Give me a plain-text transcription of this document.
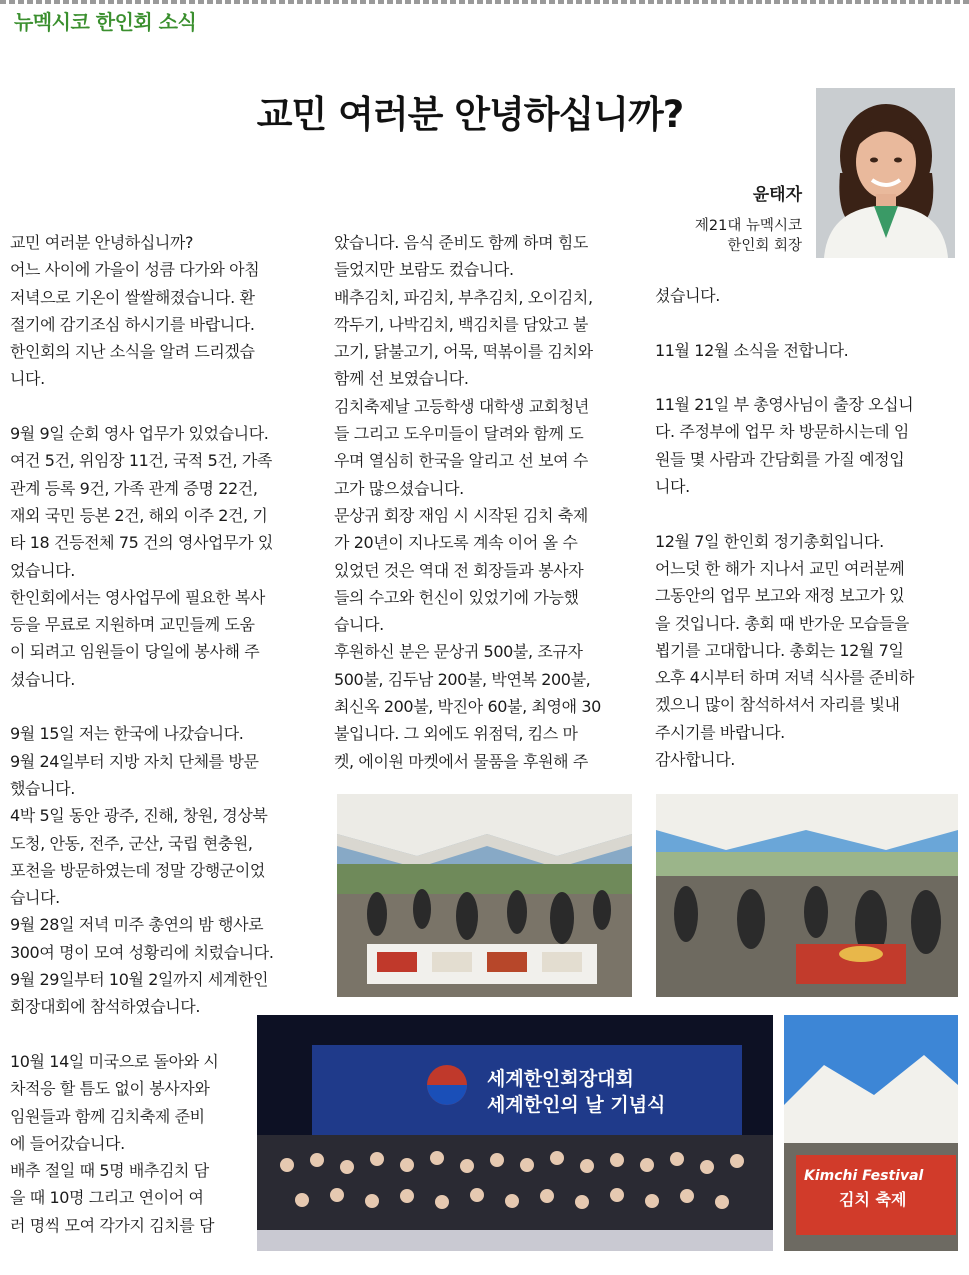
뉴멕시코 한인회 소식
교민 여러분 안녕하십니까?
윤태자
제21대 뉴멕시코
한인회 회장
교민 여러분 안녕하십니까?
어느 사이에 가을이 성큼 다가와 아침
저녁으로 기온이 쌀쌀해졌습니다. 환
절기에 감기조심 하시기를 바랍니다.
한인회의 지난 소식을 알려 드리겠습
니다.

9월 9일 순회 영사 업무가 있었습니다.
여건 5건, 위임장 11건, 국적 5건, 가족
관계 등록 9건, 가족 관계 증명 22건,
재외 국민 등본 2건, 해외 이주 2건, 기
타 18 건등전체 75 건의 영사업무가 있
었습니다.
한인회에서는 영사업무에 필요한 복사
등을 무료로 지원하며 교민들께 도움
이 되려고 임원들이 당일에 봉사해 주
셨습니다.

9월 15일 저는 한국에 나갔습니다.
9월 24일부터 지방 자치 단체를 방문
했습니다.
4박 5일 동안 광주, 진해, 창원, 경상북
도청, 안동, 전주, 군산, 국립 현충원,
포천을 방문하였는데 정말 강행군이었
습니다.
9월 28일 저녁 미주 총연의 밤 행사로
300여 명이 모여 성황리에 치렀습니다.
9월 29일부터 10월 2일까지 세계한인
회장대회에 참석하였습니다.

10월 14일 미국으로 돌아와 시
차적응 할 틈도 없이 봉사자와
임원들과 함께 김치축제 준비
에 들어갔습니다.
배추 절일 때 5명 배추김치 담
을 때 10명 그리고 연이어 여
러 명씩 모여 각가지 김치를 담
았습니다. 음식 준비도 함께 하며 힘도
들었지만 보람도 컸습니다.
배추김치, 파김치, 부추김치, 오이김치,
깍두기, 나박김치, 백김치를 담았고 불
고기, 닭불고기, 어묵, 떡볶이를 김치와
함께 선 보였습니다.
김치축제날 고등학생 대학생 교회청년
들 그리고 도우미들이 달려와 함께 도
우며 열심히 한국을 알리고 선 보여 수
고가 많으셨습니다.
문상귀 회장 재임 시 시작된 김치 축제
가 20년이 지나도록 계속 이어 올 수
있었던 것은 역대 전 회장들과 봉사자
들의 수고와 헌신이 있었기에 가능했
습니다.
후원하신 분은 문상귀 500불, 조규자
500불, 김두남 200불, 박연복 200불,
최신옥 200불, 박진아 60불, 최영애 30
불입니다. 그 외에도 위점덕, 킴스 마
켓, 에이원 마켓에서 물품을 후원해 주
셨습니다.

11월 12월 소식을 전합니다.

11월 21일 부 총영사님이 출장 오십니
다. 주정부에 업무 차 방문하시는데 임
원들 몇 사람과 간담회를 가질 예정입
니다.

12월 7일 한인회 정기총회입니다.
어느덧 한 해가 지나서 교민 여러분께
그동안의 업무 보고와 재정 보고가 있
을 것입니다. 총회 때 반가운 모습들을
뵙기를 고대합니다. 총회는 12월 7일
오후 4시부터 하며 저녁 식사를 준비하
겠으니 많이 참석하셔서 자리를 빛내
주시기를 바랍니다.
감사합니다.
세계한인회장대회
세계한인의 날 기념식
Kimchi Festival
김치 축제
